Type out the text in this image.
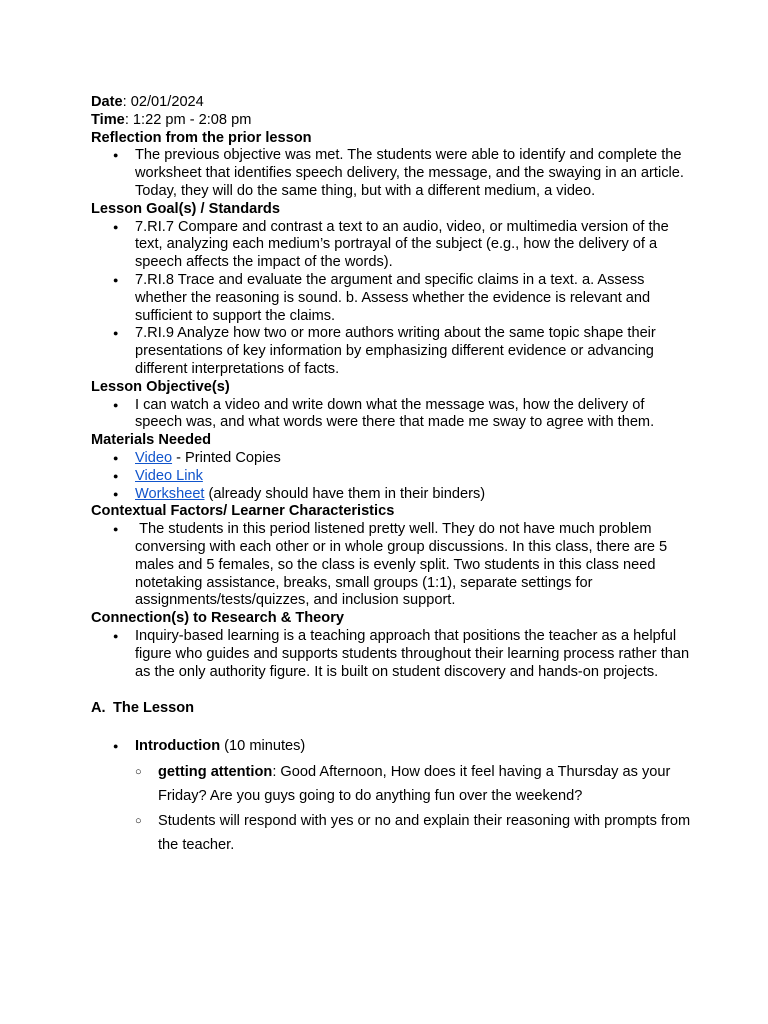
Date: 02/01/2024

Time: 1:22 pm - 2:08 pm

Reflection from the prior lesson

● The previous objective was met. The students were able to identify and complete the worksheet that identifies speech delivery, the message, and the swaying in an article. Today, they will do the same thing, but with a different medium, a video.

Lesson Goal(s) / Standards

● 7.RI.7 Compare and contrast a text to an audio, video, or multimedia version of the text, analyzing each medium’s portrayal of the subject (e.g., how the delivery of a speech affects the impact of the words).
● 7.RI.8 Trace and evaluate the argument and specific claims in a text. a. Assess whether the reasoning is sound. b. Assess whether the evidence is relevant and sufficient to support the claims.
● 7.RI.9 Analyze how two or more authors writing about the same topic shape their presentations of key information by emphasizing different evidence or advancing different interpretations of facts.

Lesson Objective(s)

● I can watch a video and write down what the message was, how the delivery of speech was, and what words were there that made me sway to agree with them.

Materials Needed

● Video - Printed Copies
● Video Link
● Worksheet (already should have them in their binders)

Contextual Factors/ Learner Characteristics

●  The students in this period listened pretty well. They do not have much problem conversing with each other or in whole group discussions. In this class, there are 5 males and 5 females, so the class is evenly split. Two students in this class need notetaking assistance, breaks, small groups (1:1), separate settings for assignments/tests/quizzes, and inclusion support.

Connection(s) to Research & Theory

● Inquiry-based learning is a teaching approach that positions the teacher as a helpful figure who guides and supports students throughout their learning process rather than as the only authority figure. It is built on student discovery and hands-on projects.

A. The Lesson

● Introduction (10 minutes)
○ getting attention: Good Afternoon, How does it feel having a Thursday as your Friday? Are you guys going to do anything fun over the weekend?
○ Students will respond with yes or no and explain their reasoning with prompts from the teacher.
